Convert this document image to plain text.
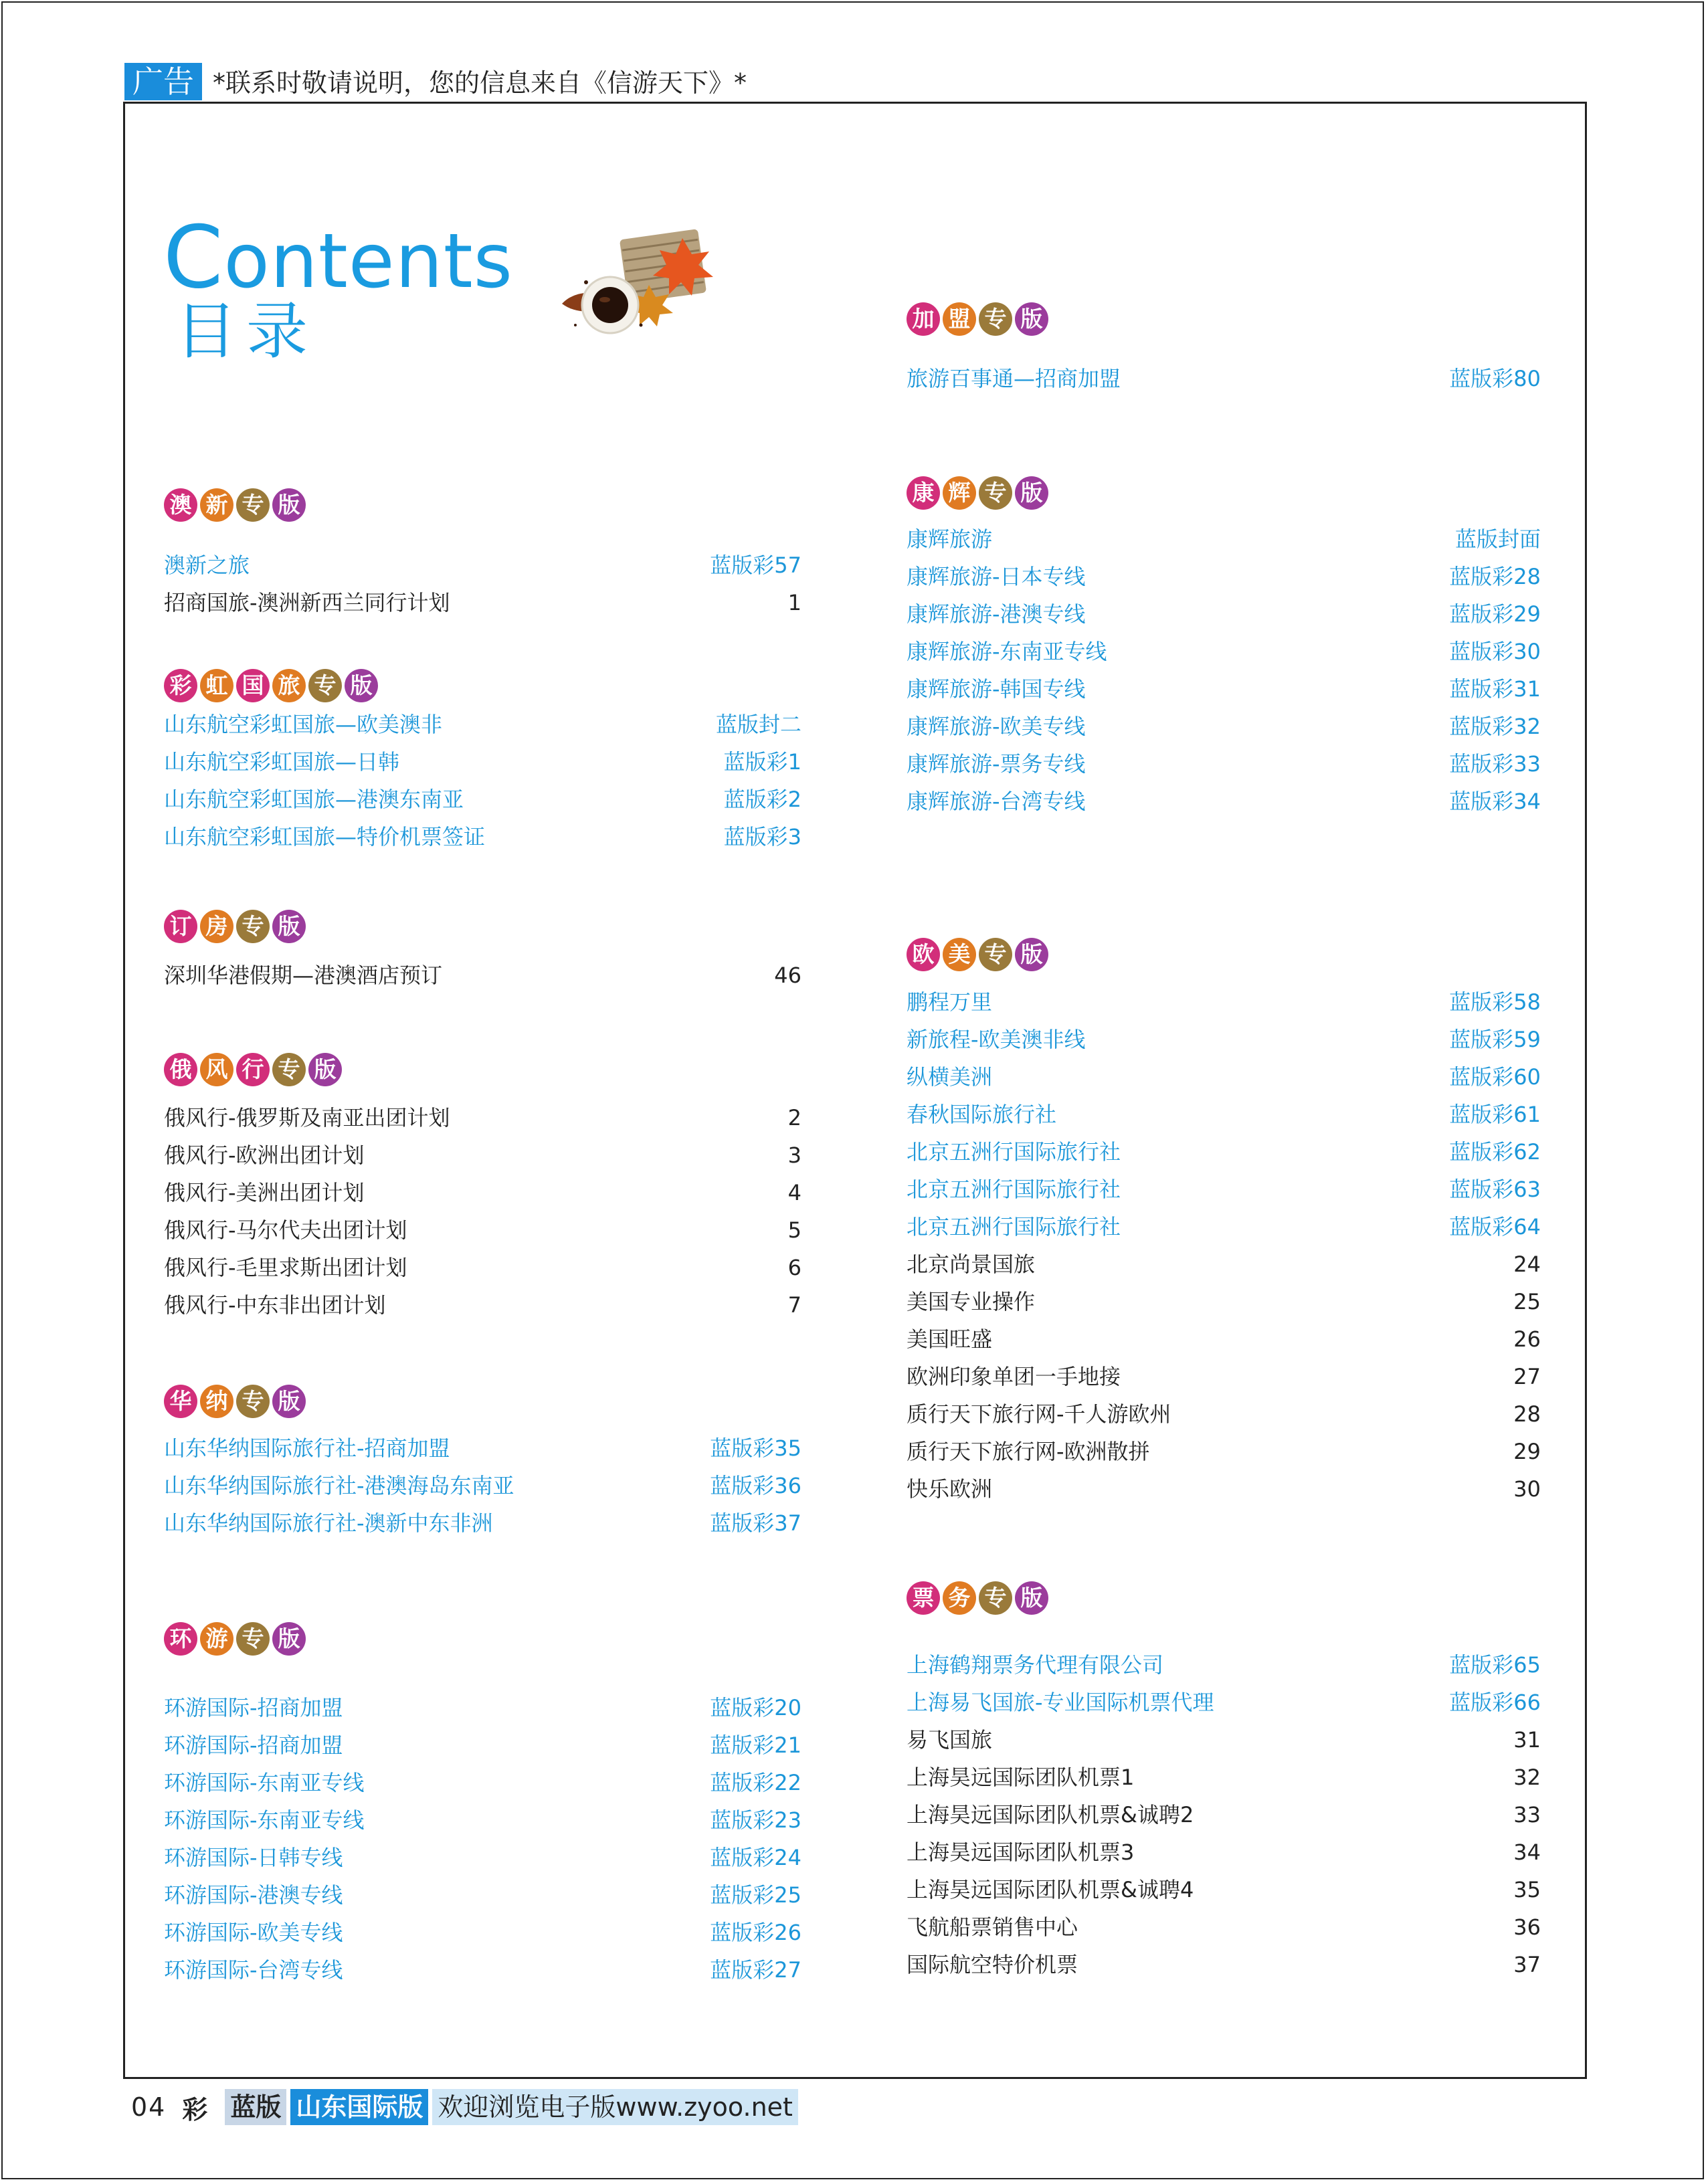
广告 *联系时敬请说明，您的信息来自《信游天下》*
Contents
目录
澳 新 专 版
澳新之旅	蓝版彩57
招商国旅-澳洲新西兰同行计划	1
彩 虹 国 旅 专 版
山东航空彩虹国旅—欧美澳非	蓝版封二
山东航空彩虹国旅—日韩	蓝版彩1
山东航空彩虹国旅—港澳东南亚	蓝版彩2
山东航空彩虹国旅—特价机票签证	蓝版彩3
订 房 专 版
深圳华港假期—港澳酒店预订	46
俄 风 行 专 版
俄风行-俄罗斯及南亚出团计划	2
俄风行-欧洲出团计划	3
俄风行-美洲出团计划	4
俄风行-马尔代夫出团计划	5
俄风行-毛里求斯出团计划	6
俄风行-中东非出团计划	7
华 纳 专 版
山东华纳国际旅行社-招商加盟	蓝版彩35
山东华纳国际旅行社-港澳海岛东南亚	蓝版彩36
山东华纳国际旅行社-澳新中东非洲	蓝版彩37
环 游 专 版
环游国际-招商加盟	蓝版彩20
环游国际-招商加盟	蓝版彩21
环游国际-东南亚专线	蓝版彩22
环游国际-东南亚专线	蓝版彩23
环游国际-日韩专线	蓝版彩24
环游国际-港澳专线	蓝版彩25
环游国际-欧美专线	蓝版彩26
环游国际-台湾专线	蓝版彩27
加 盟 专 版
旅游百事通—招商加盟	蓝版彩80
康 辉 专 版
康辉旅游	蓝版封面
康辉旅游-日本专线	蓝版彩28
康辉旅游-港澳专线	蓝版彩29
康辉旅游-东南亚专线	蓝版彩30
康辉旅游-韩国专线	蓝版彩31
康辉旅游-欧美专线	蓝版彩32
康辉旅游-票务专线	蓝版彩33
康辉旅游-台湾专线	蓝版彩34
欧 美 专 版
鹏程万里	蓝版彩58
新旅程-欧美澳非线	蓝版彩59
纵横美洲	蓝版彩60
春秋国际旅行社	蓝版彩61
北京五洲行国际旅行社	蓝版彩62
北京五洲行国际旅行社	蓝版彩63
北京五洲行国际旅行社	蓝版彩64
北京尚景国旅	24
美国专业操作	25
美国旺盛	26
欧洲印象单团一手地接	27
质行天下旅行网-千人游欧州	28
质行天下旅行网-欧洲散拼	29
快乐欧洲	30
票 务 专 版
上海鹤翔票务代理有限公司	蓝版彩65
上海易飞国旅-专业国际机票代理	蓝版彩66
易飞国旅	31
上海昊远国际团队机票1	32
上海昊远国际团队机票&诚聘2	33
上海昊远国际团队机票3	34
上海昊远国际团队机票&诚聘4	35
飞航船票销售中心	36
国际航空特价机票	37
04 彩 蓝版 山东国际版 欢迎浏览电子版www.zyoo.net
